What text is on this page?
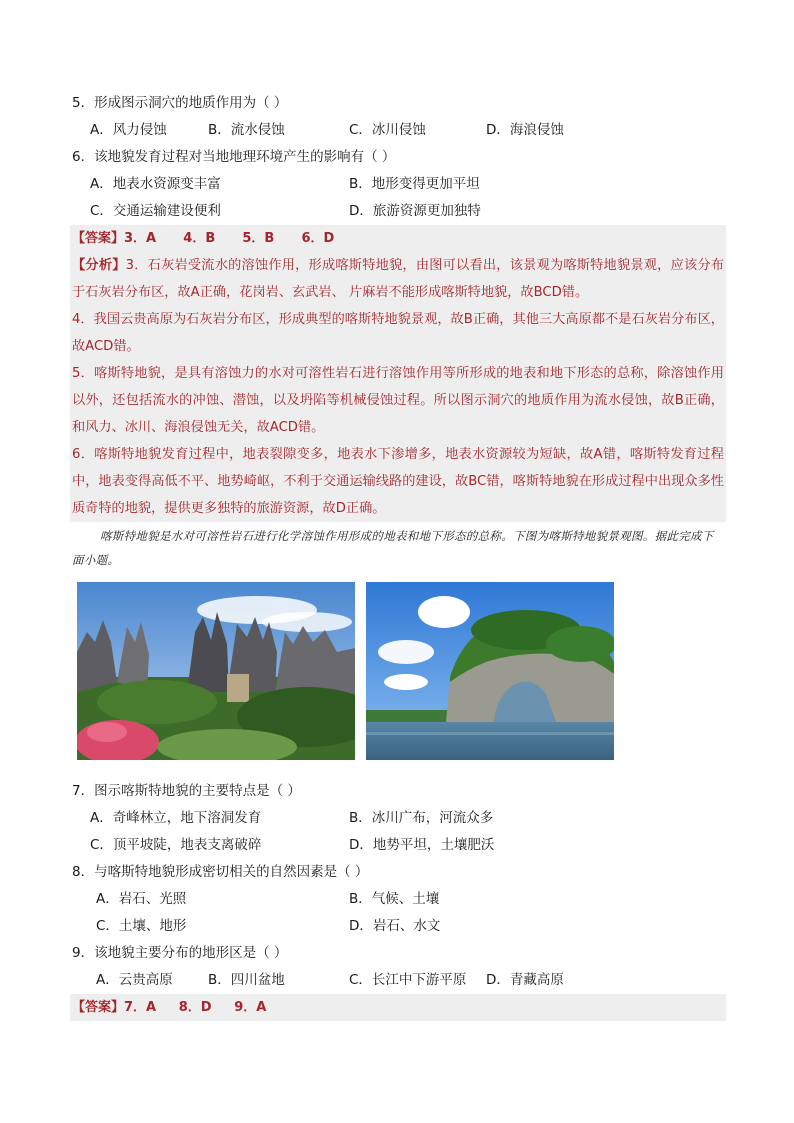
5．形成图示洞穴的地质作用为（ ）
A．风力侵蚀	B．流水侵蚀	C．冰川侵蚀	D．海浪侵蚀
6．该地貌发育过程对当地地理环境产生的影响有（ ）
A．地表水资源变丰富	B．地形变得更加平坦
C．交通运输建设便利	D．旅游资源更加独特
【答案】3．A      4．B      5．B      6．D

【分析】3．石灰岩受流水的溶蚀作用，形成喀斯特地貌，由图可以看出，该景观为喀斯特地貌景观，应该分布于石灰岩分布区，故A正确，花岗岩、玄武岩、 片麻岩不能形成喀斯特地貌，故BCD错。

4．我国云贵高原为石灰岩分布区，形成典型的喀斯特地貌景观，故B正确，其他三大高原都不是石灰岩分布区，故ACD错。

5．喀斯特地貌，是具有溶蚀力的水对可溶性岩石进行溶蚀作用等所形成的地表和地下形态的总称，除溶蚀作用以外，还包括流水的冲蚀、潜蚀，以及坍陷等机械侵蚀过程。所以图示洞穴的地质作用为流水侵蚀，故B正确，和风力、冰川、海浪侵蚀无关，故ACD错。

6．喀斯特地貌发育过程中，地表裂隙变多，地表水下渗增多，地表水资源较为短缺，故A错，喀斯特发育过程中，地表变得高低不平、地势崎岖，不利于交通运输线路的建设，故BC错，喀斯特地貌在形成过程中出现众多性质奇特的地貌，提供更多独特的旅游资源，故D正确。

喀斯特地貌是水对可溶性岩石进行化学溶蚀作用形成的地表和地下形态的总称。下图为喀斯特地貌景观图。据此完成下面小题。
7．图示喀斯特地貌的主要特点是（ ）
A．奇峰林立，地下溶洞发育	B．冰川广布，河流众多
C．顶平坡陡，地表支离破碎	D．地势平坦，土壤肥沃
8．与喀斯特地貌形成密切相关的自然因素是（ ）
A．岩石、光照	B．气候、土壤
C．土壤、地形	D．岩石、水文
9．该地貌主要分布的地形区是（ ）
A．云贵高原	B．四川盆地	C．长江中下游平原 D．青藏高原
【答案】7．A     8．D     9．A
